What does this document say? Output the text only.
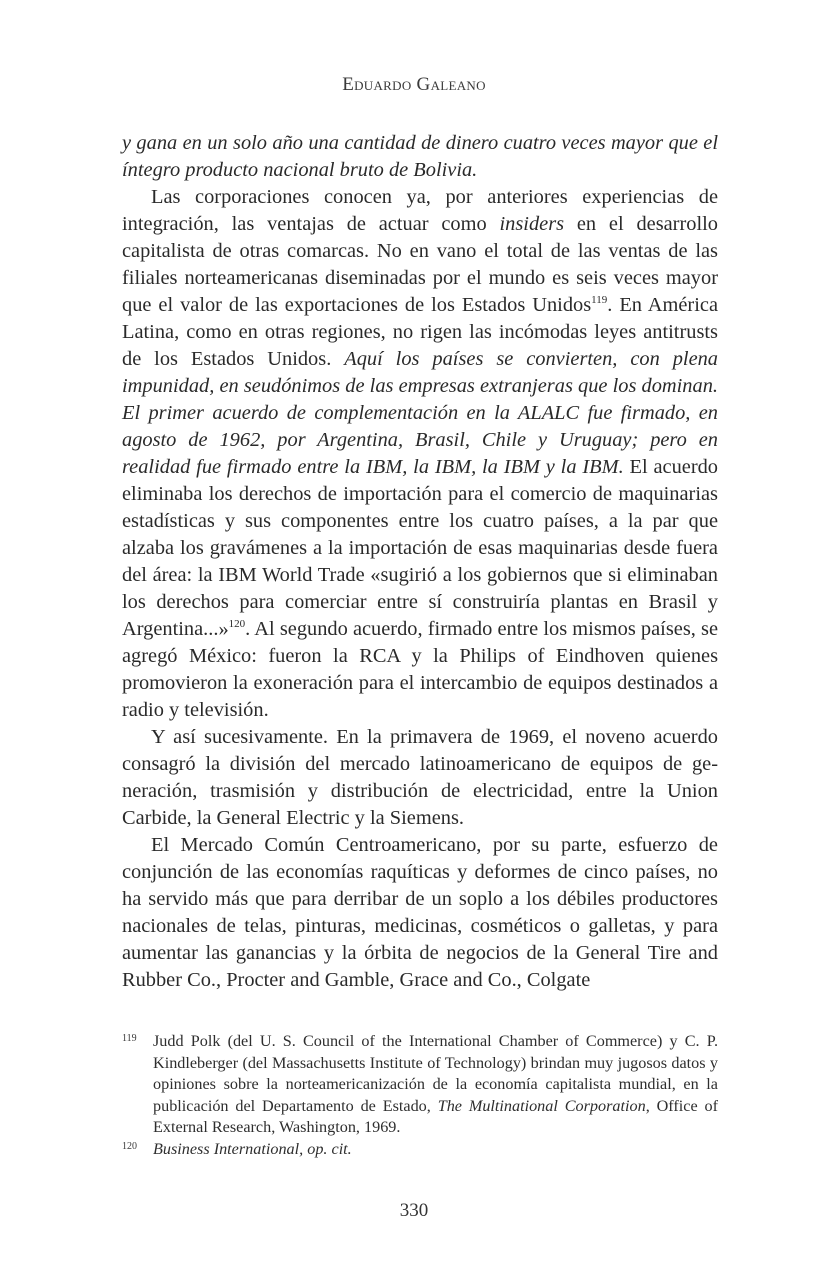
Eduardo Galeano

y gana en un solo año una cantidad de dinero cuatro veces mayor que el íntegro producto nacional bruto de Bolivia.

Las corporaciones conocen ya, por anteriores experiencias de integración, las ventajas de actuar como insiders en el desarrollo capitalista de otras comarcas. No en vano el total de las ventas de las filiales norteamericanas diseminadas por el mundo es seis veces mayor que el valor de las exportaciones de los Estados Unidos$^{119}$. En América Latina, como en otras regiones, no rigen las incómodas leyes antitrusts de los Estados Unidos. Aquí los países se convierten, con plena impunidad, en seudónimos de las empresas extranjeras que los dominan. El primer acuerdo de complementación en la ALALC fue firmado, en agosto de 1962, por Argentina, Brasil, Chile y Uruguay; pero en realidad fue firmado entre la IBM, la IBM, la IBM y la IBM. El acuerdo eliminaba los derechos de importación para el comercio de maquinarias estadísticas y sus componentes entre los cuatro países, a la par que alzaba los gravámenes a la importación de esas maquinarias desde fuera del área: la IBM World Trade «sugirió a los gobiernos que si eliminaban los derechos para comerciar entre sí construiría plantas en Brasil y Argentina...»$^{120}$. Al segundo acuerdo, firmado entre los mismos países, se agregó México: fueron la RCA y la Philips of Eindhoven quienes promovieron la exoneración para el intercambio de equipos destinados a radio y televisión.

Y así sucesivamente. En la primavera de 1969, el noveno acuerdo consagró la división del mercado latinoamericano de equipos de generación, trasmisión y distribución de electricidad, entre la Union Carbide, la General Electric y la Siemens.

El Mercado Común Centroamericano, por su parte, esfuerzo de conjunción de las economías raquíticas y deformes de cinco países, no ha servido más que para derribar de un soplo a los débiles productores nacionales de telas, pinturas, medicinas, cosméticos o galletas, y para aumentar las ganancias y la órbita de negocios de la General Tire and Rubber Co., Procter and Gamble, Grace and Co., Colgate

119	Judd Polk (del U. S. Council of the International Chamber of Commerce) y C. P. Kindleberger (del Massachusetts Institute of Technology) brindan muy jugosos datos y opiniones sobre la norteamericanización de la economía capitalista mundial, en la publicación del Departamento de Estado, The Multinational Corporation, Office of External Research, Washington, 1969.
120 Business International, op. cit.
330
